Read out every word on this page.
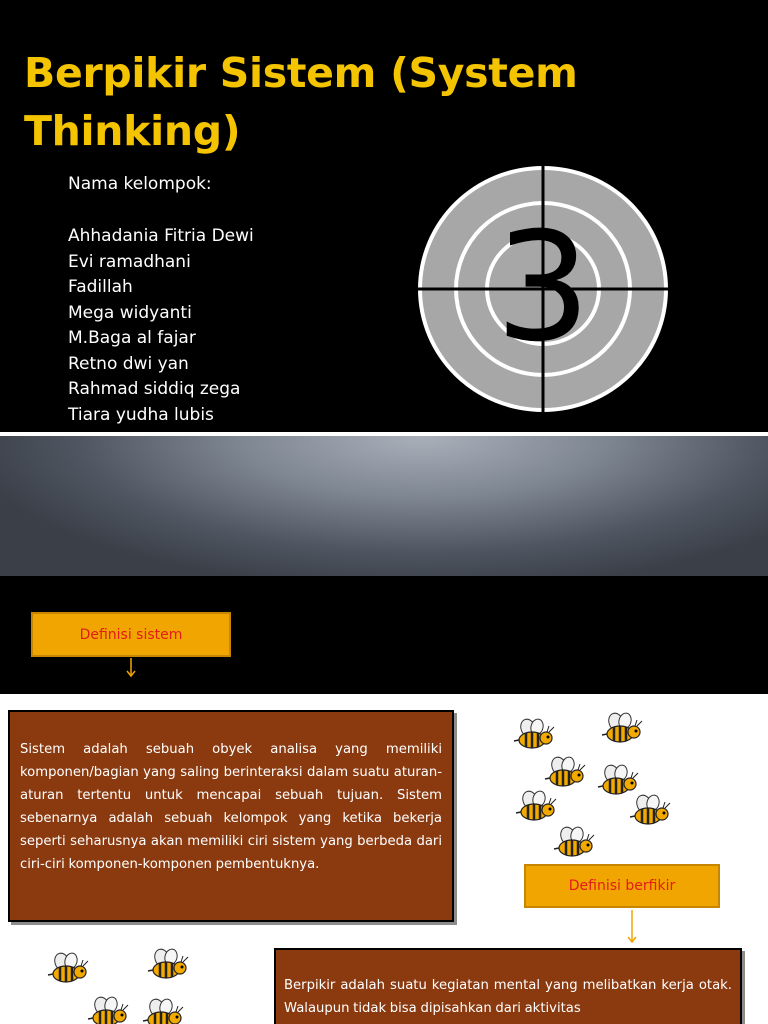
Berpikir Sistem (System Thinking)
Nama kelompok:
Ahhadania Fitria Dewi
Evi ramadhani
Fadillah
Mega widyanti
M.Baga al fajar
Retno dwi yan
Rahmad siddiq zega
Tiara yudha lubis
3
Definisi sistem

Sistem adalah sebuah obyek analisa yang memiliki komponen/bagian yang saling berinteraksi dalam suatu aturan-aturan tertentu untuk mencapai sebuah tujuan. Sistem sebenarnya adalah sebuah kelompok yang ketika bekerja seperti seharusnya akan memiliki ciri sistem yang berbeda dari ciri-ciri komponen-komponen pembentuknya.

Definisi berfikir

Berpikir adalah suatu kegiatan mental yang melibatkan kerja otak. Walaupun tidak bisa dipisahkan dari aktivitas
